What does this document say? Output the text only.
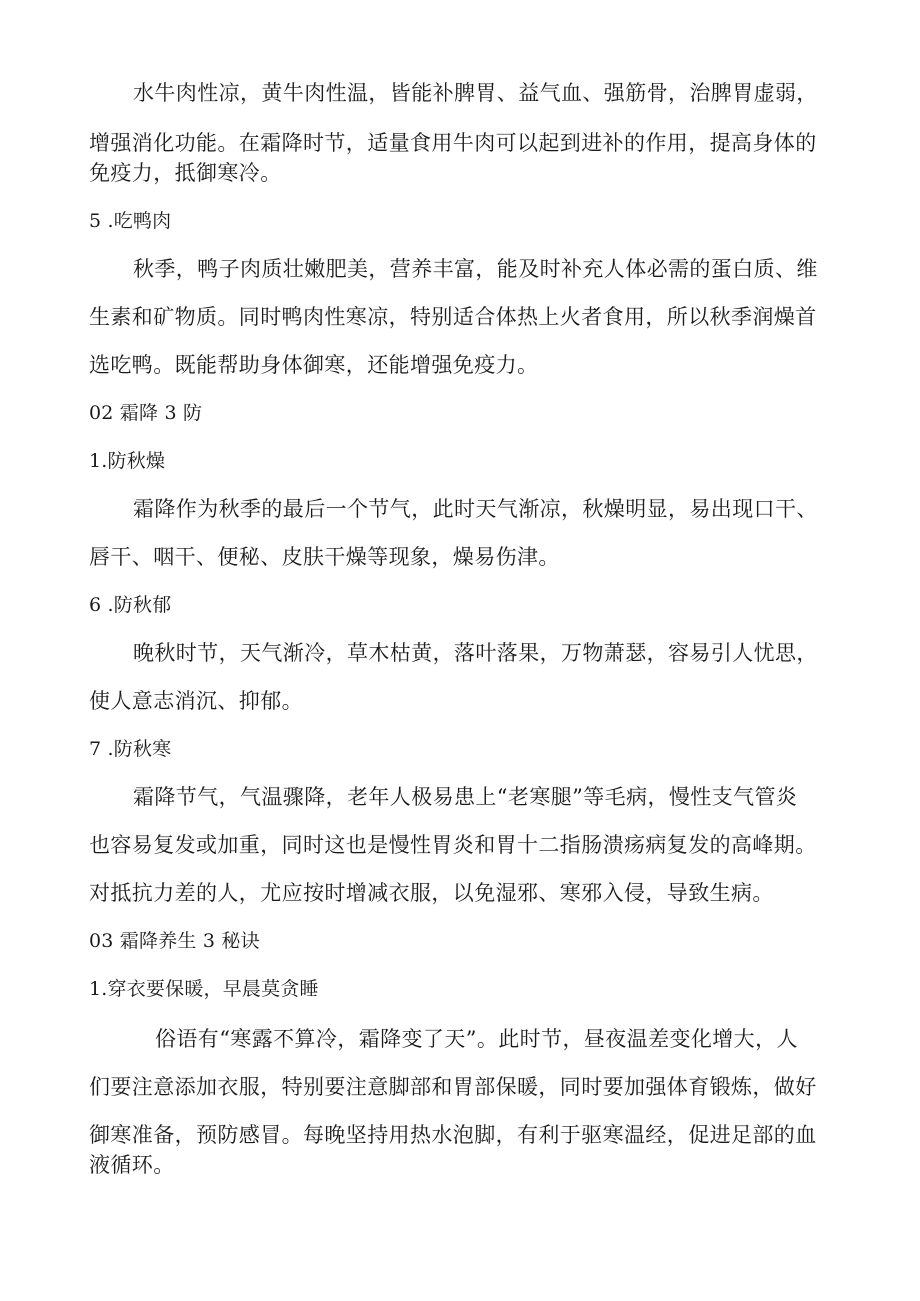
水牛肉性凉，黄牛肉性温，皆能补脾胃、益气血、强筋骨，治脾胃虚弱，
增强消化功能。在霜降时节，适量食用牛肉可以起到进补的作用，提高身体的
免疫力，抵御寒冷。
5 .吃鸭肉
秋季，鸭子肉质壮嫩肥美，营养丰富，能及时补充人体必需的蛋白质、维
生素和矿物质。同时鸭肉性寒凉，特别适合体热上火者食用，所以秋季润燥首
选吃鸭。既能帮助身体御寒，还能增强免疫力。
02 霜降 3 防
1.防秋燥
霜降作为秋季的最后一个节气，此时天气渐凉，秋燥明显，易出现口干、
唇干、咽干、便秘、皮肤干燥等现象，燥易伤津。
6 .防秋郁
晚秋时节，天气渐冷，草木枯黄，落叶落果，万物萧瑟，容易引人忧思，
使人意志消沉、抑郁。
7 .防秋寒
霜降节气，气温骤降，老年人极易患上“老寒腿”等毛病，慢性支气管炎
也容易复发或加重，同时这也是慢性胃炎和胃十二指肠溃疡病复发的高峰期。
对抵抗力差的人，尤应按时增减衣服，以免湿邪、寒邪入侵，导致生病。
03 霜降养生 3 秘诀
1.穿衣要保暖，早晨莫贪睡
俗语有“寒露不算冷，霜降变了天”。此时节，昼夜温差变化增大，人
们要注意添加衣服，特别要注意脚部和胃部保暖，同时要加强体育锻炼，做好
御寒准备，预防感冒。每晚坚持用热水泡脚，有利于驱寒温经，促进足部的血
液循环。
